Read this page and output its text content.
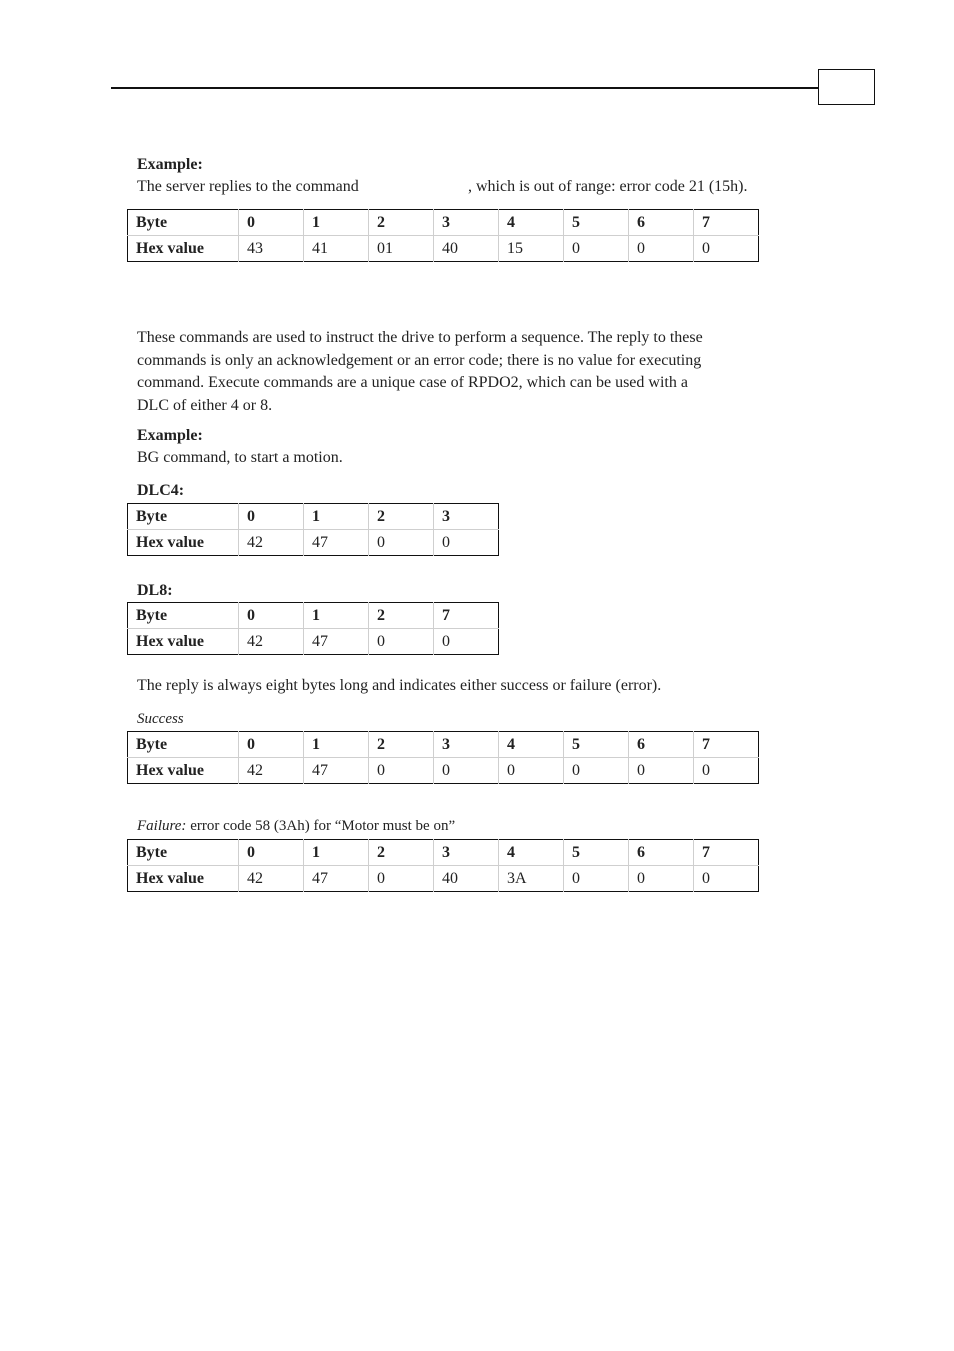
Example:
The server replies to the command	, which is out of range: error code 21 (15h).
Byte	0	1	2	3	4	5	6	7
Hex value	43	41	01	40	15	0	0	0
These commands are used to instruct the drive to perform a sequence. The reply to these
commands is only an acknowledgement or an error code; there is no value for executing
command. Execute commands are a unique case of RPDO2, which can be used with a
DLC of either 4 or 8.
Example:
BG command, to start a motion.
DLC4:
Byte	0	1	2	3
Hex value	42	47	0	0
DL8:
Byte	0	1	2	7
Hex value	42	47	0	0
The reply is always eight bytes long and indicates either success or failure (error).
Success
Byte	0	1	2	3	4	5	6	7
Hex value	42	47	0	0	0	0	0	0
Failure: error code 58 (3Ah) for “Motor must be on”
Byte	0	1	2	3	4	5	6	7
Hex value	42	47	0	40	3A	0	0	0
